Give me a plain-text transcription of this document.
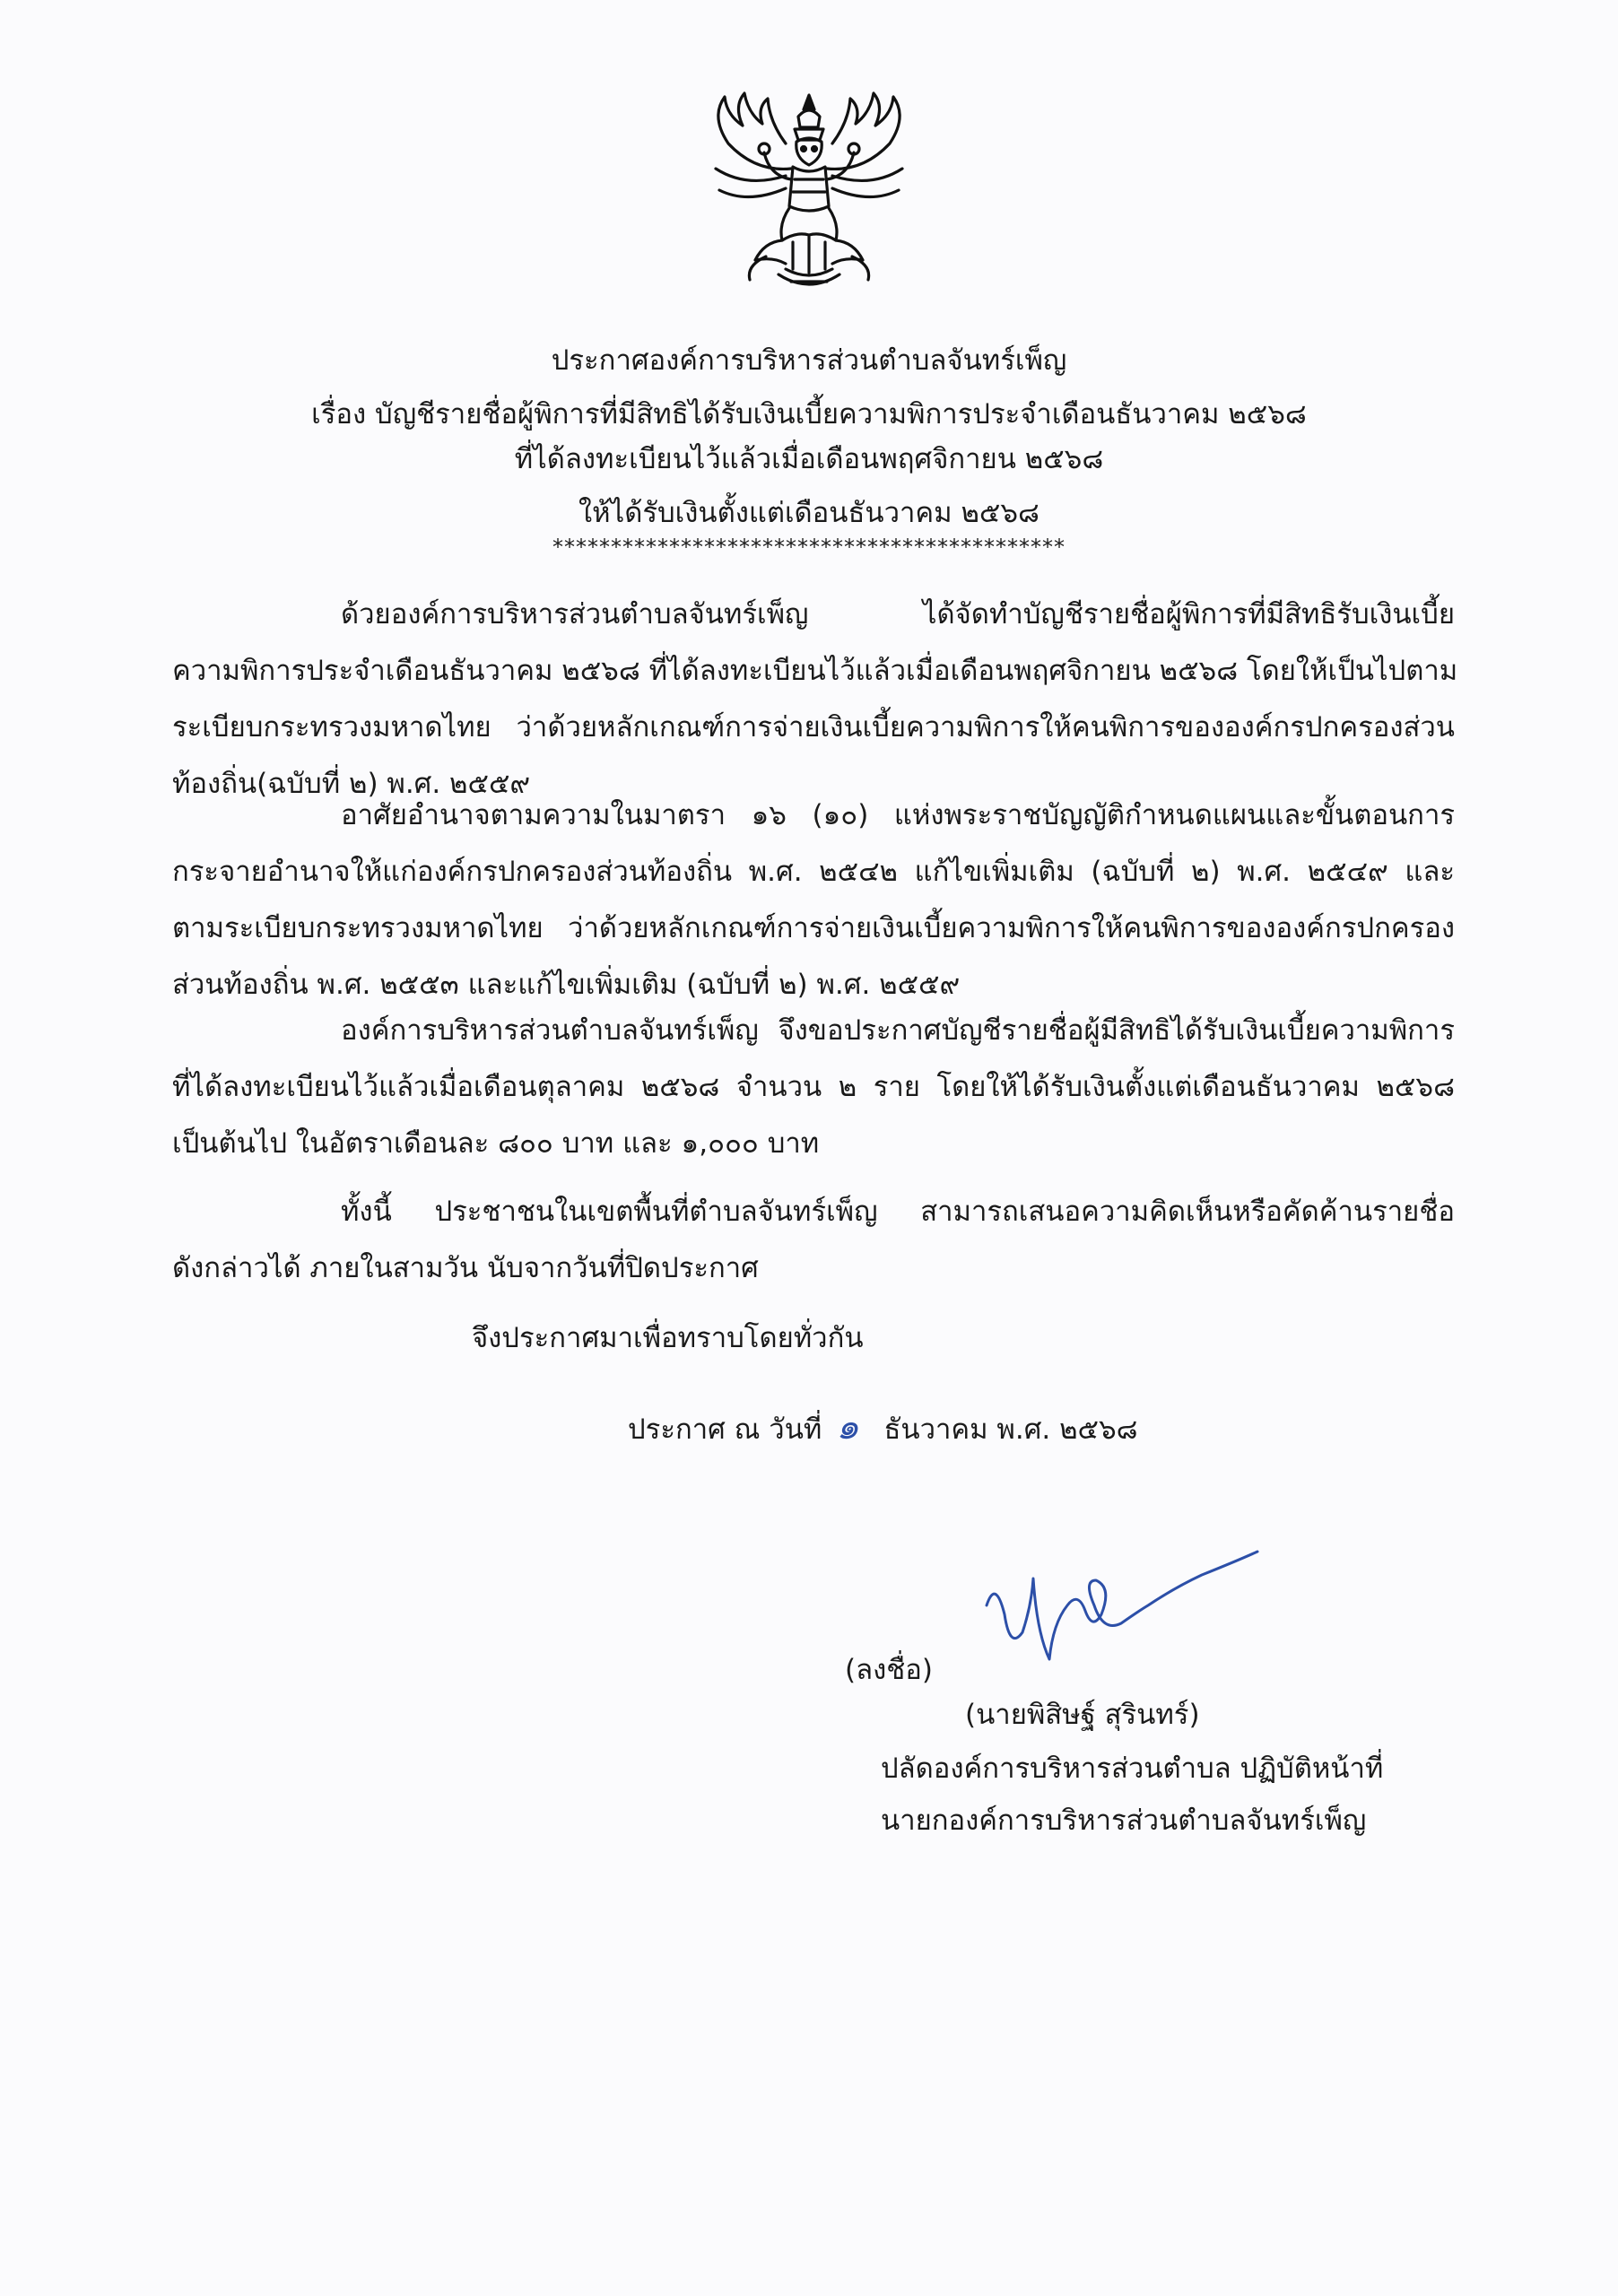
ประกาศองค์การบริหารส่วนตำบลจันทร์เพ็ญ
เรื่อง บัญชีรายชื่อผู้พิการที่มีสิทธิได้รับเงินเบี้ยความพิการประจำเดือนธันวาคม ๒๕๖๘
ที่ได้ลงทะเบียนไว้แล้วเมื่อเดือนพฤศจิกายน ๒๕๖๘
ให้ได้รับเงินตั้งแต่เดือนธันวาคม ๒๕๖๘
********************************************
ด้วยองค์การบริหารส่วนตำบลจันทร์เพ็ญ ได้จัดทำบัญชีรายชื่อผู้พิการที่มีสิทธิรับเงินเบี้ย
ความพิการประจำเดือนธันวาคม ๒๕๖๘ ที่ได้ลงทะเบียนไว้แล้วเมื่อเดือนพฤศจิกายน ๒๕๖๘ โดยให้เป็นไปตาม
ระเบียบกระทรวงมหาดไทย ว่าด้วยหลักเกณฑ์การจ่ายเงินเบี้ยความพิการให้คนพิการขององค์กรปกครองส่วน
ท้องถิ่น(ฉบับที่ ๒) พ.ศ. ๒๕๕๙
อาศัยอำนาจตามความในมาตรา ๑๖ (๑๐) แห่งพระราชบัญญัติกำหนดแผนและขั้นตอนการ
กระจายอำนาจให้แก่องค์กรปกครองส่วนท้องถิ่น พ.ศ. ๒๕๔๒ แก้ไขเพิ่มเติม (ฉบับที่ ๒) พ.ศ. ๒๕๔๙ และ
ตามระเบียบกระทรวงมหาดไทย ว่าด้วยหลักเกณฑ์การจ่ายเงินเบี้ยความพิการให้คนพิการขององค์กรปกครอง
ส่วนท้องถิ่น พ.ศ. ๒๕๕๓ และแก้ไขเพิ่มเติม (ฉบับที่ ๒) พ.ศ. ๒๕๕๙
องค์การบริหารส่วนตำบลจันทร์เพ็ญ จึงขอประกาศบัญชีรายชื่อผู้มีสิทธิได้รับเงินเบี้ยความพิการ
ที่ได้ลงทะเบียนไว้แล้วเมื่อเดือนตุลาคม ๒๕๖๘ จำนวน ๒ ราย โดยให้ได้รับเงินตั้งแต่เดือนธันวาคม ๒๕๖๘
เป็นต้นไป ในอัตราเดือนละ ๘๐๐ บาท และ ๑,๐๐๐ บาท
ทั้งนี้ ประชาชนในเขตพื้นที่ตำบลจันทร์เพ็ญ สามารถเสนอความคิดเห็นหรือคัดค้านรายชื่อ
ดังกล่าวได้ ภายในสามวัน นับจากวันที่ปิดประกาศ
จึงประกาศมาเพื่อทราบโดยทั่วกัน
ประกาศ ณ วันที่ ๑ ธันวาคม พ.ศ. ๒๕๖๘
(ลงชื่อ)
(นายพิสิษฐ์ สุรินทร์)
ปลัดองค์การบริหารส่วนตำบล ปฏิบัติหน้าที่
นายกองค์การบริหารส่วนตำบลจันทร์เพ็ญ
